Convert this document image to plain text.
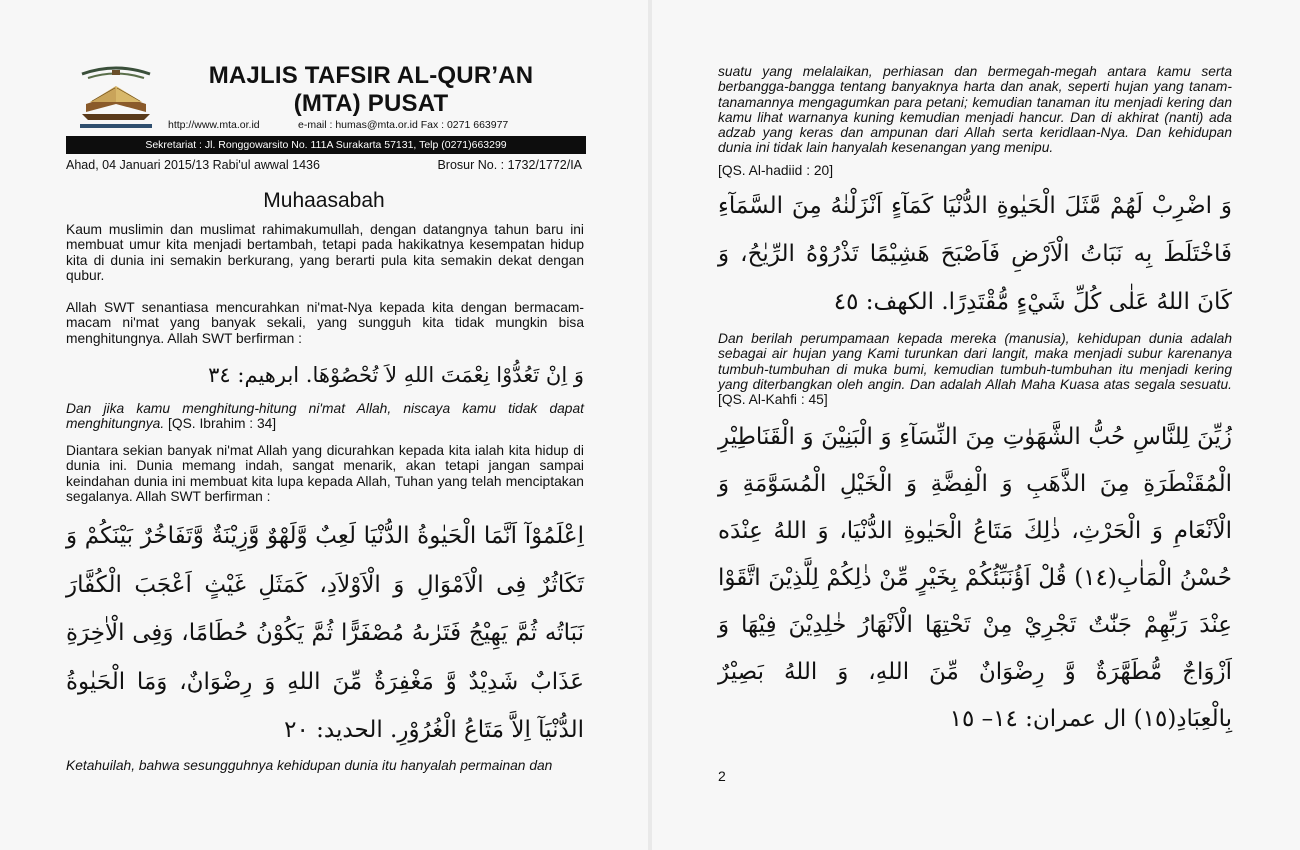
MAJLIS TAFSIR AL-QUR’AN
(MTA) PUSAT
http://www.mta.or.id	e-mail : humas@mta.or.id Fax : 0271 663977
Sekretariat : Jl. Ronggowarsito No. 111A Surakarta 57131, Telp (0271)663299
Ahad, 04 Januari 2015/13 Rabi'ul awwal 1436	Brosur No. : 1732/1772/IA
Muhaasabah

Kaum muslimin dan muslimat rahimakumullah, dengan datangnya tahun baru ini membuat umur kita menjadi bertambah, tetapi pada hakikatnya kesempatan hidup kita di dunia ini semakin berkurang, yang berarti pula kita semakin dekat dengan qubur.

Allah SWT senantiasa mencurahkan ni'mat-Nya kepada kita dengan bermacam-macam ni'mat yang banyak sekali, yang sungguh kita tidak mungkin bisa menghitungnya. Allah SWT berfirman :

وَ اِنْ تَعُدُّوْا نِعْمَتَ اللهِ لاَ تُحْصُوْهَا. ابرهيم: ٣٤

Dan jika kamu menghitung-hitung ni'mat Allah, niscaya kamu tidak dapat menghitungnya. [QS. Ibrahim : 34]

Diantara sekian banyak ni'mat Allah yang dicurahkan kepada kita ialah kita hidup di dunia ini. Dunia memang indah, sangat menarik, akan tetapi jangan sampai keindahan dunia ini membuat kita lupa kepada Allah, Tuhan yang telah menciptakan segalanya. Allah SWT berfirman :

اِعْلَمُوْآ اَنَّمَا الْحَيٰوةُ الدُّنْيَا لَعِبٌ وَّلَهْوٌ وَّزِيْنَةٌ وَّتَفَاخُرٌ بَيْنَكُمْ وَ تَكَاثُرٌ فِى الْاَمْوَالِ وَ الْاَوْلاَدِ، كَمَثَلِ غَيْثٍ اَعْجَبَ الْكُفَّارَ نَبَاتُه ثُمَّ يَهِيْجُ فَتَرٰىهُ مُصْفَرًّا ثُمَّ يَكُوْنُ حُطَامًا، وَفِى الْاٰخِرَةِ عَذَابٌ شَدِيْدٌ وَّ مَغْفِرَةٌ مِّنَ اللهِ وَ رِضْوَانٌ، وَمَا الْحَيٰوةُ الدُّنْيَآ اِلاَّ مَتَاعُ الْغُرُوْرِ. الحديد: ٢٠

Ketahuilah, bahwa sesungguhnya kehidupan dunia itu hanyalah permainan dan

suatu yang melalaikan, perhiasan dan bermegah-megah antara kamu serta berbangga-bangga tentang banyaknya harta dan anak, seperti hujan yang tanam-tanamannya mengagumkan para petani; kemudian tanaman itu menjadi kering dan kamu lihat warnanya kuning kemudian menjadi hancur. Dan di akhirat (nanti) ada adzab yang keras dan ampunan dari Allah serta keridlaan-Nya. Dan kehidupan dunia ini tidak lain hanyalah kesenangan yang menipu.

[QS. Al-hadiid : 20]

وَ اضْرِبْ لَهُمْ مَّثَلَ الْحَيٰوةِ الدُّنْيَا كَمَآءٍ اَنْزَلْنٰهُ مِنَ السَّمَآءِ فَاخْتَلَطَ بِه نَبَاتُ الْاَرْضِ فَاَصْبَحَ هَشِيْمًا تَذْرُوْهُ الرِّيٰحُ، وَ كَانَ اللهُ عَلٰى كُلِّ شَيْءٍ مُّقْتَدِرًا. الكهف: ٤٥

Dan berilah perumpamaan kepada mereka (manusia), kehidupan dunia adalah sebagai air hujan yang Kami turunkan dari langit, maka menjadi subur karenanya tumbuh-tumbuhan di muka bumi, kemudian tumbuh-tumbuhan itu menjadi kering yang diterbangkan oleh angin. Dan adalah Allah Maha Kuasa atas segala sesuatu. [QS. Al-Kahfi : 45]

زُيِّنَ لِلنَّاسِ حُبُّ الشَّهَوٰتِ مِنَ النِّسَآءِ وَ الْبَنِيْنَ وَ الْقَنَاطِيْرِ الْمُقَنْطَرَةِ مِنَ الذَّهَبِ وَ الْفِضَّةِ وَ الْخَيْلِ الْمُسَوَّمَةِ وَ الْاَنْعَامِ وَ الْحَرْثِ، ذٰلِكَ مَتَاعُ الْحَيٰوةِ الدُّنْيَا، وَ اللهُ عِنْدَه حُسْنُ الْمَاٰبِ(١٤) قُلْ اَؤُنَبِّئُكُمْ بِخَيْرٍ مِّنْ ذٰلِكُمْ لِلَّذِيْنَ اتَّقَوْا عِنْدَ رَبِّهِمْ جَنّٰتٌ تَجْرِيْ مِنْ تَحْتِهَا الْاَنْهَارُ خٰلِدِيْنَ فِيْهَا وَ اَزْوَاجٌ مُّطَهَّرَةٌ وَّ رِضْوَانٌ مِّنَ اللهِ، وَ اللهُ بَصِيْرٌ بِالْعِبَادِ(١٥) ال عمران: ١٤– ١٥
2
